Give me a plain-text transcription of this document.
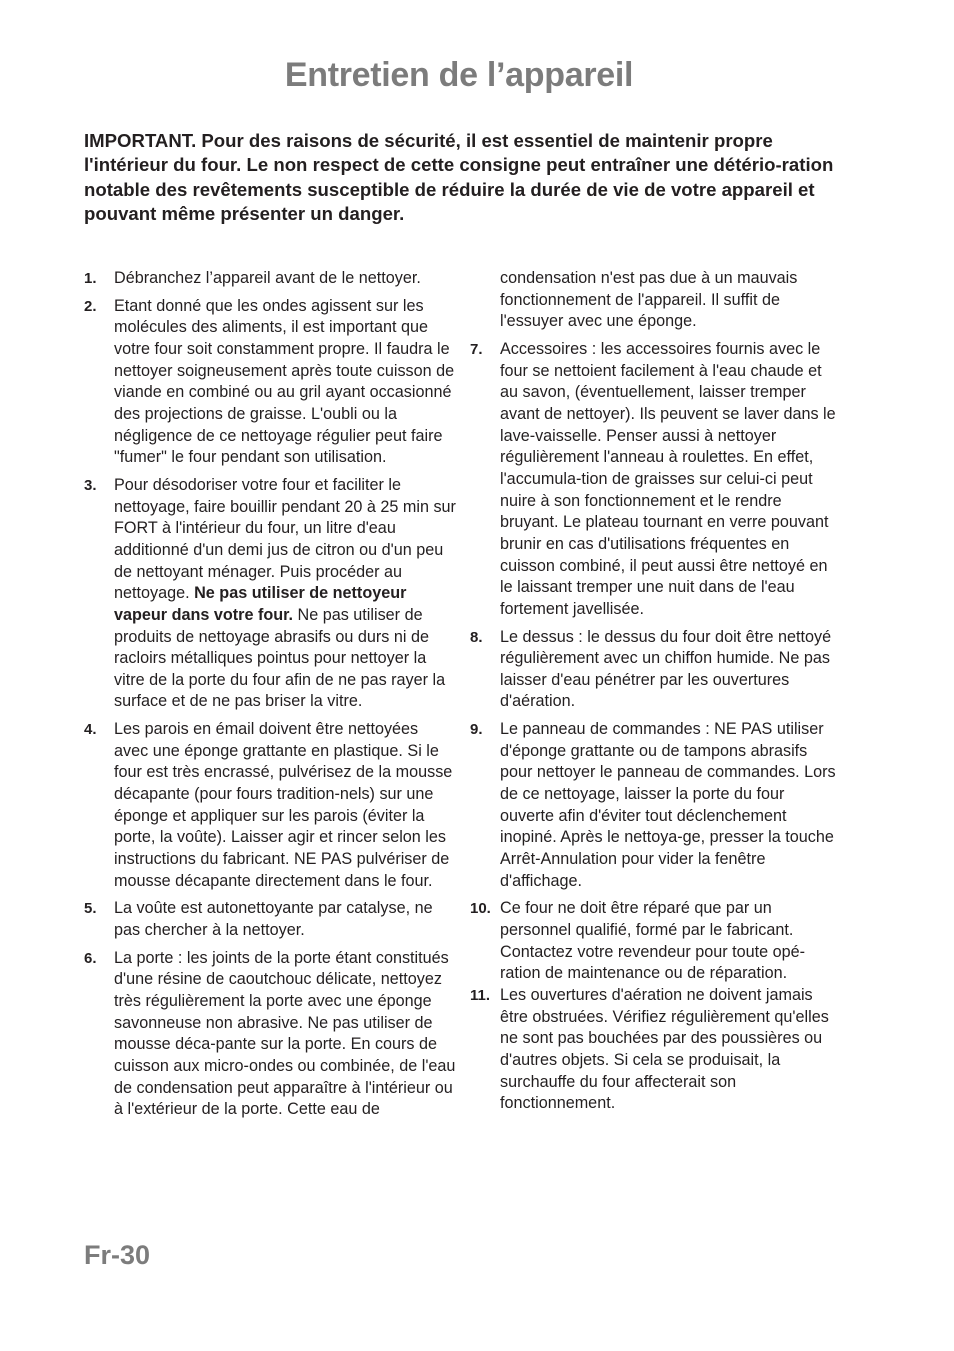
Entretien de l’appareil

IMPORTANT. Pour des raisons de sécurité, il est essentiel de maintenir propre l'intérieur du four. Le non respect de cette consigne peut entraîner une détério-ration notable des revêtements susceptible de réduire la durée de vie de votre appareil et pouvant même présenter un danger.

1. Débranchez l’appareil avant de le nettoyer.

2. Etant donné que les ondes agissent sur les molécules des aliments, il est important que votre four soit constamment propre. Il faudra le nettoyer soigneusement après toute cuisson de viande en combiné ou au gril ayant occasionné des projections de graisse. L'oubli ou la négligence de ce nettoyage régulier peut faire "fumer" le four pendant son utilisation.

3. Pour désodoriser votre four et faciliter le nettoyage, faire bouillir pendant 20 à 25 min sur FORT à l'intérieur du four, un litre d'eau additionné d'un demi jus de citron ou d'un peu de nettoyant ménager. Puis procéder au nettoyage. Ne pas utiliser de nettoyeur vapeur dans votre four. Ne pas utiliser de produits de nettoyage abrasifs ou durs ni de racloirs métalliques pointus pour nettoyer la vitre de la porte du four afin de ne pas rayer la surface et de ne pas briser la vitre.

4. Les parois en émail doivent être nettoyées avec une éponge grattante en plastique. Si le four est très encrassé, pulvérisez de la mousse décapante (pour fours tradition-nels) sur une éponge et appliquer sur les parois (éviter la porte, la voûte). Laisser agir et rincer selon les instructions du fabricant. NE PAS pulvériser de mousse décapante directement dans le four.

5. La voûte est autonettoyante par catalyse, ne pas chercher à la nettoyer.

6. La porte : les joints de la porte étant constitués d'une résine de caoutchouc délicate, nettoyez très régulièrement la porte avec une éponge savonneuse non abrasive. Ne pas utiliser de mousse déca-pante sur la porte. En cours de cuisson aux micro-ondes ou combinée, de l'eau de condensation peut apparaître à l'intérieur ou à l'extérieur de la porte. Cette eau de

condensation n'est pas due à un mauvais fonctionnement de l'appareil. Il suffit de l'essuyer avec une éponge.

7. Accessoires : les accessoires fournis avec le four se nettoient facilement à l'eau chaude et au savon, (éventuellement, laisser tremper avant de nettoyer). Ils peuvent se laver dans le lave-vaisselle. Penser aussi à nettoyer régulièrement l'anneau à roulettes. En effet, l'accumula-tion de graisses sur celui-ci peut nuire à son fonctionnement et le rendre bruyant. Le plateau tournant en verre pouvant brunir en cas d'utilisations fréquentes en cuisson combiné, il peut aussi être nettoyé en le laissant tremper une nuit dans de l'eau fortement javellisée.

8. Le dessus : le dessus du four doit être nettoyé régulièrement avec un chiffon humide. Ne pas laisser d'eau pénétrer par les ouvertures d'aération.

9. Le panneau de commandes : NE PAS utiliser d'éponge grattante ou de tampons abrasifs pour nettoyer le panneau de commandes. Lors de ce nettoyage, laisser la porte du four ouverte afin d'éviter tout déclenchement inopiné. Après le nettoya-ge, presser la touche Arrêt-Annulation pour vider la fenêtre d'affichage.

10. Ce four ne doit être réparé que par un personnel qualifié, formé par le fabricant. Contactez votre revendeur pour toute opé-ration de maintenance ou de réparation.

11. Les ouvertures d'aération ne doivent jamais être obstruées. Vérifiez régulièrement qu'elles ne sont pas bouchées par des poussières ou d'autres objets. Si cela se produisait, la surchauffe du four affecterait son fonctionnement.

Fr-30
